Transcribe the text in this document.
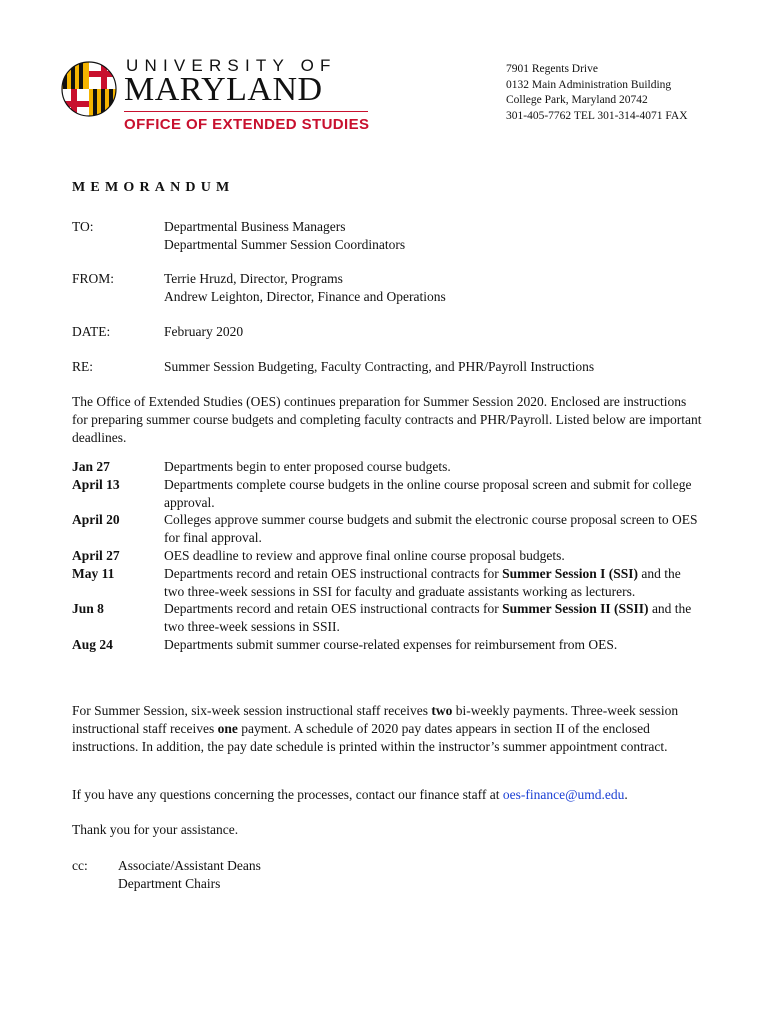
UNIVERSITY OF
MARYLAND
OFFICE OF EXTENDED STUDIES
7901 Regents Drive
0132 Main Administration Building
College Park, Maryland 20742
301-405-7762 TEL 301-314-4071 FAX
MEMORANDUM
TO:	Departmental Business Managers
Departmental Summer Session Coordinators
FROM:	Terrie Hruzd, Director, Programs
Andrew Leighton, Director, Finance and Operations
DATE:	February 2020
RE:	Summer Session Budgeting, Faculty Contracting, and PHR/Payroll Instructions
The Office of Extended Studies (OES) continues preparation for Summer Session 2020. Enclosed are instructions for preparing summer course budgets and completing faculty contracts and PHR/Payroll. Listed below are important deadlines.
Jan 27	Departments begin to enter proposed course budgets.
April 13	Departments complete course budgets in the online course proposal screen and submit for college approval.
April 20	Colleges approve summer course budgets and submit the electronic course proposal screen to OES for final approval.
April 27	OES deadline to review and approve final online course proposal budgets.
May 11	Departments record and retain OES instructional contracts for Summer Session I (SSI) and the two three-week sessions in SSI for faculty and graduate assistants working as lecturers.
Jun 8	Departments record and retain OES instructional contracts for Summer Session II (SSII) and the two three-week sessions in SSII.
Aug 24	Departments submit summer course-related expenses for reimbursement from OES.
For Summer Session, six-week session instructional staff receives two bi-weekly payments. Three-week session instructional staff receives one payment. A schedule of 2020 pay dates appears in section II of the enclosed instructions. In addition, the pay date schedule is printed within the instructor’s summer appointment contract.
If you have any questions concerning the processes, contact our finance staff at oes-finance@umd.edu.
Thank you for your assistance.
cc: Associate/Assistant Deans
Department Chairs
